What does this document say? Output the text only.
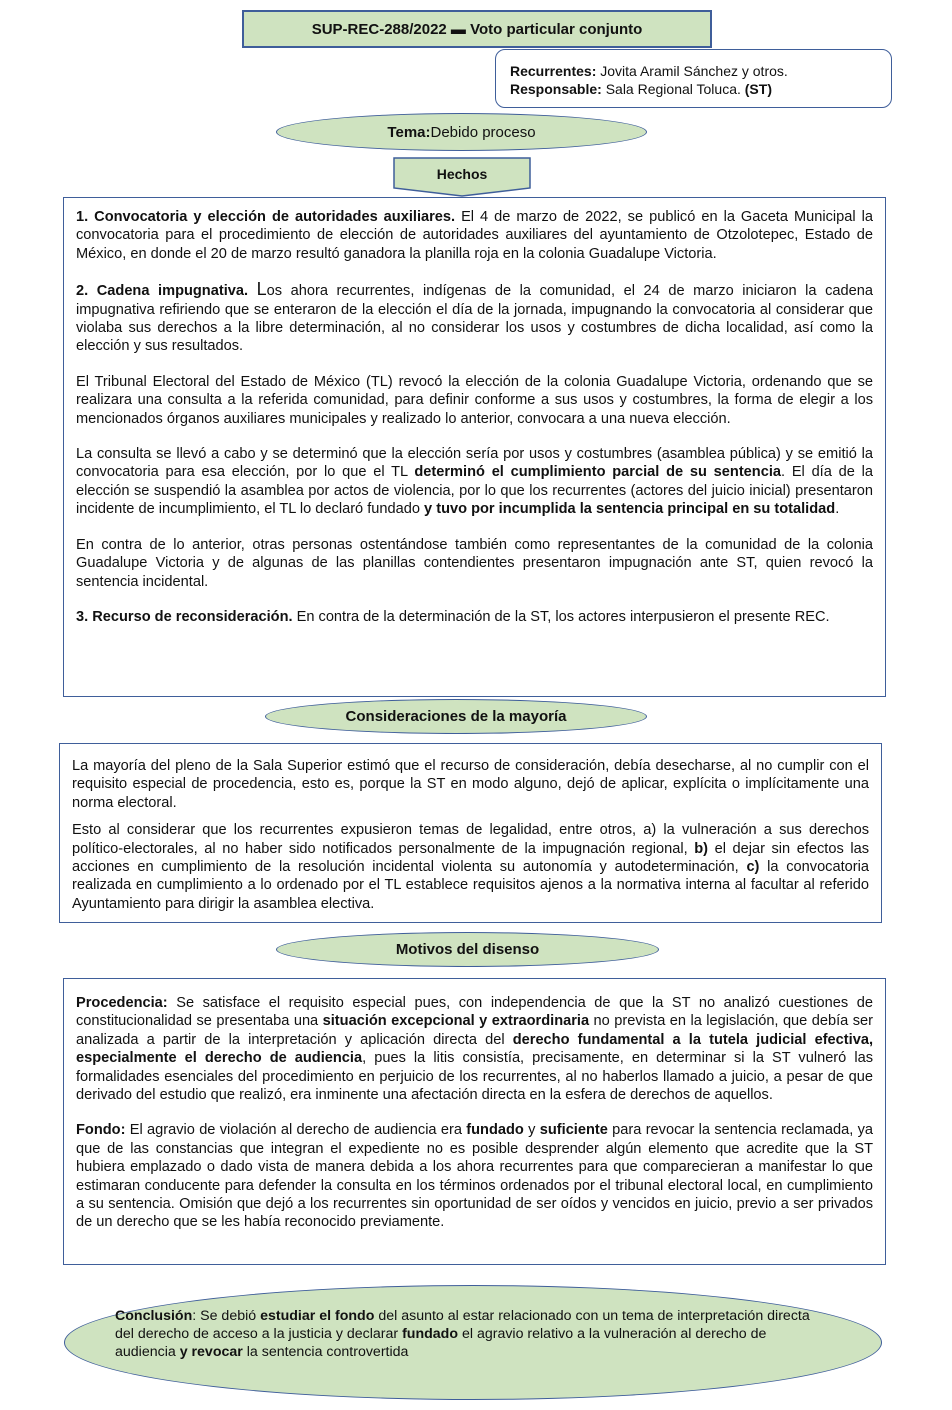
SUP-REC-288/2022 ▬ Voto particular conjunto
Recurrentes: Jovita Aramil Sánchez y otros.
Responsable: Sala Regional Toluca. (ST)
Tema: Debido proceso
Hechos

1. Convocatoria y elección de autoridades auxiliares. El 4 de marzo de 2022, se publicó en la Gaceta Municipal la convocatoria para el procedimiento de elección de autoridades auxiliares del ayuntamiento de Otzolotepec, Estado de México, en donde el 20 de marzo resultó ganadora la planilla roja en la colonia Guadalupe Victoria.

2. Cadena impugnativa. Los ahora recurrentes, indígenas de la comunidad, el 24 de marzo iniciaron la cadena impugnativa refiriendo que se enteraron de la elección el día de la jornada, impugnando la convocatoria al considerar que violaba sus derechos a la libre determinación, al no considerar los usos y costumbres de dicha localidad, así como la elección y sus resultados.

El Tribunal Electoral del Estado de México (TL) revocó la elección de la colonia Guadalupe Victoria, ordenando que se realizara una consulta a la referida comunidad, para definir conforme a sus usos y costumbres, la forma de elegir a los mencionados órganos auxiliares municipales y realizado lo anterior, convocara a una nueva elección.

La consulta se llevó a cabo y se determinó que la elección sería por usos y costumbres (asamblea pública) y se emitió la convocatoria para esa elección, por lo que el TL determinó el cumplimiento parcial de su sentencia. El día de la elección se suspendió la asamblea por actos de violencia, por lo que los recurrentes (actores del juicio inicial) presentaron incidente de incumplimiento, el TL lo declaró fundado y tuvo por incumplida la sentencia principal en su totalidad.

En contra de lo anterior, otras personas ostentándose también como representantes de la comunidad de la colonia Guadalupe Victoria y de algunas de las planillas contendientes presentaron impugnación ante ST, quien revocó la sentencia incidental.

3. Recurso de reconsideración. En contra de la determinación de la ST, los actores interpusieron el presente REC.

Consideraciones de la mayoría

La mayoría del pleno de la Sala Superior estimó que el recurso de consideración, debía desecharse, al no cumplir con el requisito especial de procedencia, esto es, porque la ST en modo alguno, dejó de aplicar, explícita o implícitamente una norma electoral.

Esto al considerar que los recurrentes expusieron temas de legalidad, entre otros, a) la vulneración a sus derechos político-electorales, al no haber sido notificados personalmente de la impugnación regional, b) el dejar sin efectos las acciones en cumplimiento de la resolución incidental violenta su autonomía y autodeterminación, c) la convocatoria realizada en cumplimiento a lo ordenado por el TL establece requisitos ajenos a la normativa interna al facultar al referido Ayuntamiento para dirigir la asamblea electiva.

Motivos del disenso

Procedencia: Se satisface el requisito especial pues, con independencia de que la ST no analizó cuestiones de constitucionalidad se presentaba una situación excepcional y extraordinaria no prevista en la legislación, que debía ser analizada a partir de la interpretación y aplicación directa del derecho fundamental a la tutela judicial efectiva, especialmente el derecho de audiencia, pues la litis consistía, precisamente, en determinar si la ST vulneró las formalidades esenciales del procedimiento en perjuicio de los recurrentes, al no haberlos llamado a juicio, a pesar de que derivado del estudio que realizó, era inminente una afectación directa en la esfera de derechos de aquellos.

Fondo: El agravio de violación al derecho de audiencia era fundado y suficiente para revocar la sentencia reclamada, ya que de las constancias que integran el expediente no es posible desprender algún elemento que acredite que la ST hubiera emplazado o dado vista de manera debida a los ahora recurrentes para que comparecieran a manifestar lo que estimaran conducente para defender la consulta en los términos ordenados por el tribunal electoral local, en cumplimiento a su sentencia. Omisión que dejó a los recurrentes sin oportunidad de ser oídos y vencidos en juicio, previo a ser privados de un derecho que se les había reconocido previamente.

Conclusión: Se debió estudiar el fondo del asunto al estar relacionado con un tema de interpretación directa del derecho de acceso a la justicia y declarar fundado el agravio relativo a la vulneración al derecho de audiencia y revocar la sentencia controvertida
